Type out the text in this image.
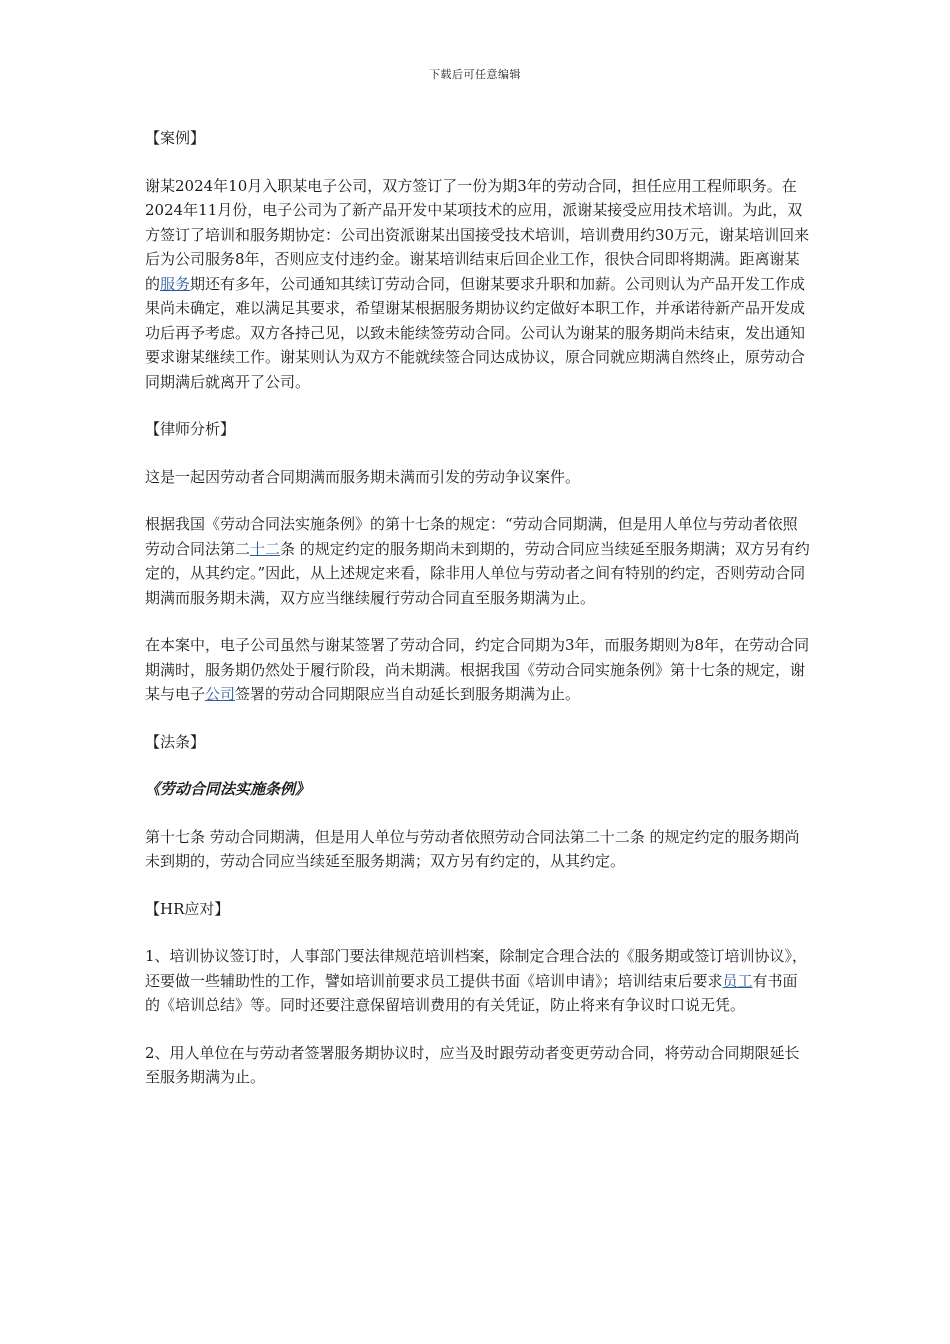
下载后可任意编辑
【案例】

谢某2024年10月入职某电子公司，双方签订了一份为期3年的劳动合同，担任应用工程师职务。在2024年11月份，电子公司为了新产品开发中某项技术的应用，派谢某接受应用技术培训。为此，双方签订了培训和服务期协定：公司出资派谢某出国接受技术培训，培训费用约30万元，谢某培训回来后为公司服务8年，否则应支付违约金。谢某培训结束后回企业工作，很快合同即将期满。距离谢某的服务期还有多年，公司通知其续订劳动合同，但谢某要求升职和加薪。公司则认为产品开发工作成果尚未确定，难以满足其要求，希望谢某根据服务期协议约定做好本职工作，并承诺待新产品开发成功后再予考虑。双方各持己见，以致未能续签劳动合同。公司认为谢某的服务期尚未结束，发出通知要求谢某继续工作。谢某则认为双方不能就续签合同达成协议，原合同就应期满自然终止，原劳动合同期满后就离开了公司。

【律师分析】

这是一起因劳动者合同期满而服务期未满而引发的劳动争议案件。

根据我国《劳动合同法实施条例》的第十七条的规定：“劳动合同期满，但是用人单位与劳动者依照劳动合同法第二十二条 的规定约定的服务期尚未到期的，劳动合同应当续延至服务期满；双方另有约定的，从其约定。”因此，从上述规定来看，除非用人单位与劳动者之间有特别的约定，否则劳动合同期满而服务期未满，双方应当继续履行劳动合同直至服务期满为止。

在本案中，电子公司虽然与谢某签署了劳动合同，约定合同期为3年，而服务期则为8年，在劳动合同期满时，服务期仍然处于履行阶段，尚未期满。根据我国《劳动合同实施条例》第十七条的规定，谢某与电子公司签署的劳动合同期限应当自动延长到服务期满为止。

【法条】
《劳动合同法实施条例》

第十七条 劳动合同期满，但是用人单位与劳动者依照劳动合同法第二十二条 的规定约定的服务期尚未到期的，劳动合同应当续延至服务期满；双方另有约定的，从其约定。

【HR应对】

1、培训协议签订时，人事部门要法律规范培训档案，除制定合理合法的《服务期或签订培训协议》，还要做一些辅助性的工作，譬如培训前要求员工提供书面《培训申请》；培训结束后要求员工有书面的《培训总结》等。同时还要注意保留培训费用的有关凭证，防止将来有争议时口说无凭。

2、用人单位在与劳动者签署服务期协议时，应当及时跟劳动者变更劳动合同，将劳动合同期限延长至服务期满为止。
